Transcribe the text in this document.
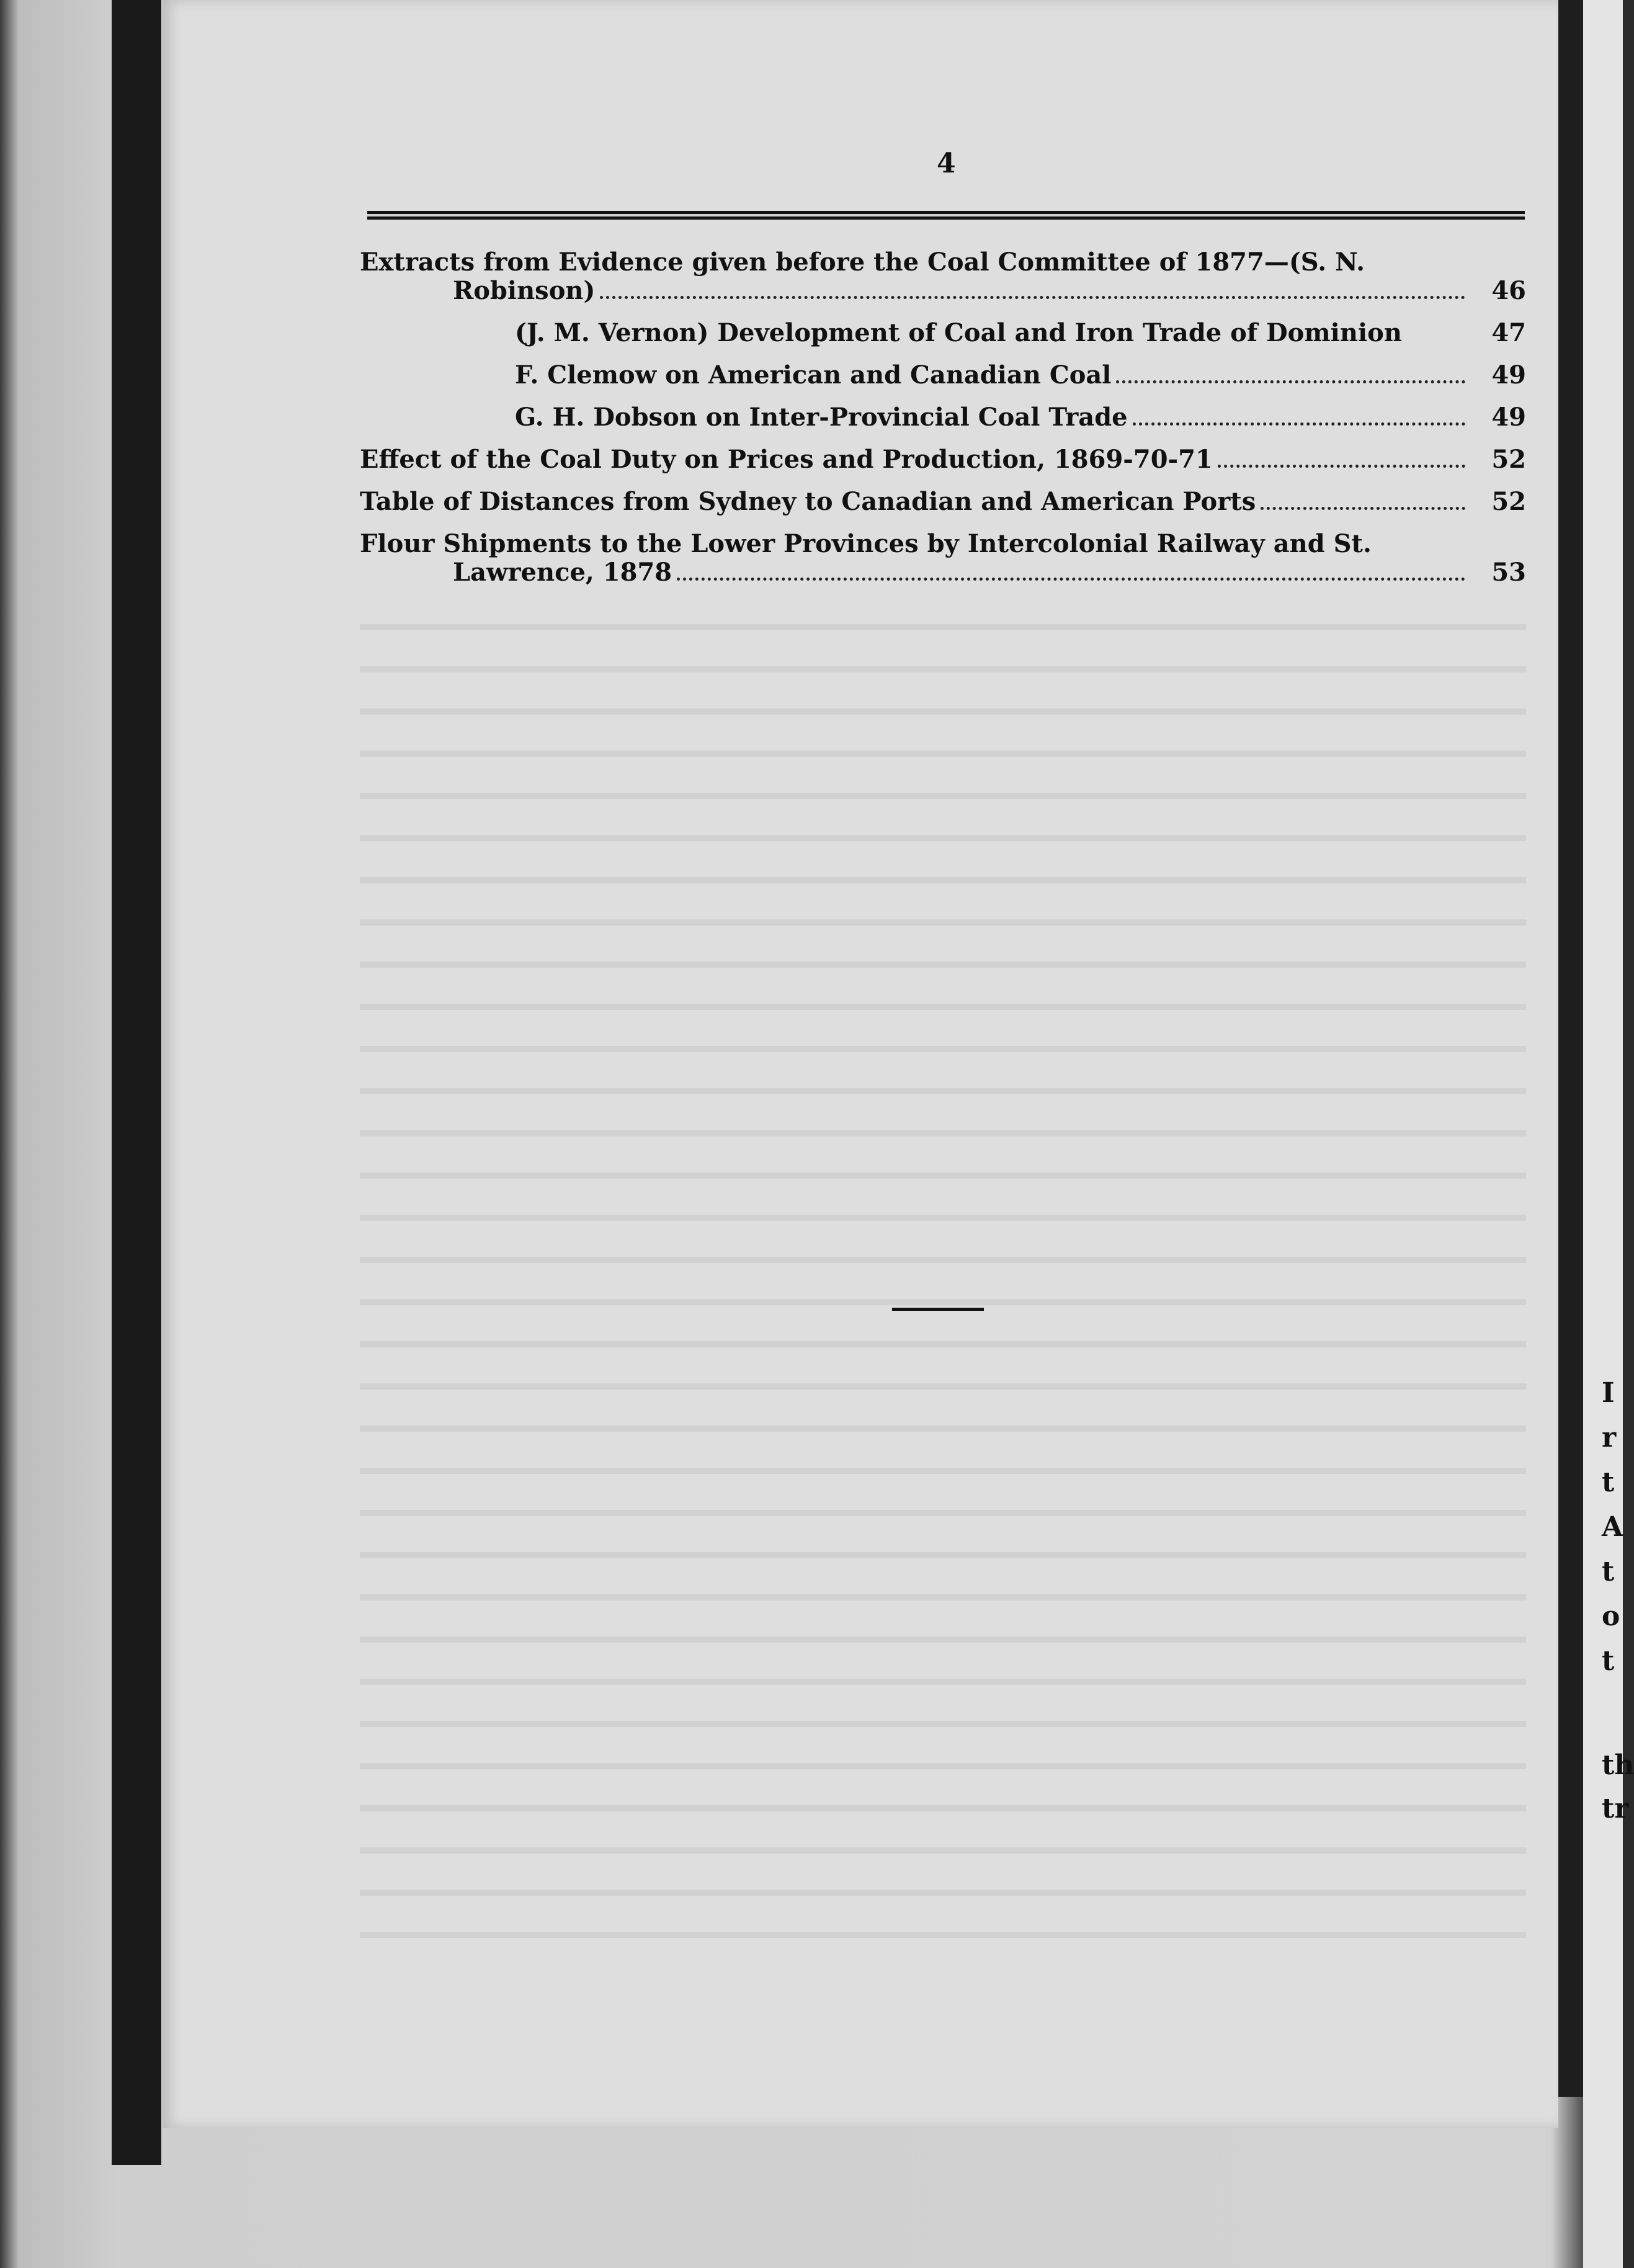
I
r
t
A
t
o
t
th
tr
4
Extracts from Evidence given before the Coal Committee of 1877—(S. N.
Robinson)	46
(J. M. Vernon) Development of Coal and Iron Trade of Dominion	47
F. Clemow on American and Canadian Coal	49
G. H. Dobson on Inter-Provincial Coal Trade	49
Effect of the Coal Duty on Prices and Production, 1869-70-71	52
Table of Distances from Sydney to Canadian and American Ports	52
Flour Shipments to the Lower Provinces by Intercolonial Railway and St.
Lawrence, 1878	53
